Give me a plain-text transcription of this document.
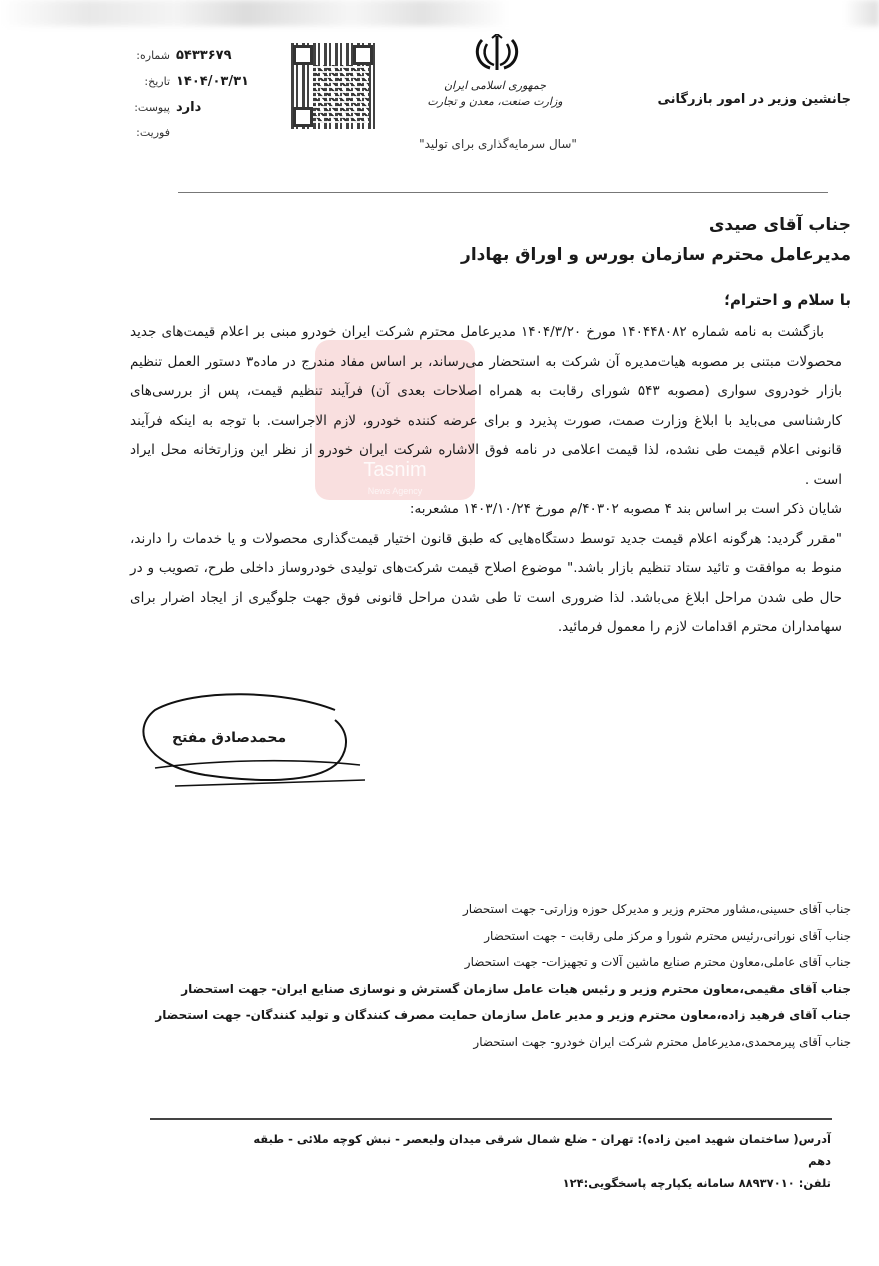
شماره: ۵۴۳۳۶۷۹
تاریخ: ۱۴۰۴/۰۳/۳۱
پیوست: دارد
فوریت:
جمهوری اسلامی ایران
وزارت صنعت، معدن و تجارت
"سال سرمایه‌گذاری برای تولید"
جانشین وزیر در امور بازرگانی
جناب آقای صیدی
مدیرعامل محترم سازمان بورس و اوراق بهادار
با سلام و احترام؛
Tasnim
News Agency

بازگشت به نامه شماره ۱۴۰۴۴۸۰۸۲ مورخ ۱۴۰۴/۳/۲۰ مدیرعامل محترم شرکت ایران خودرو مبنی بر اعلام قیمت‌های جدید محصولات مبتنی بر مصوبه هیات‌مدیره آن شرکت به استحضار می‌رساند، بر اساس مفاد مندرج در ماده۳ دستور العمل تنظیم بازار خودروی سواری (مصوبه ۵۴۳ شورای رقابت به همراه اصلاحات بعدی آن) فرآیند تنظیم قیمت، پس از بررسی‌های کارشناسی می‌باید با ابلاغ وزارت صمت، صورت پذیرد و برای عرضه کننده خودرو، لازم الاجراست. با توجه به اینکه فرآیند قانونی اعلام قیمت طی نشده، لذا قیمت اعلامی در نامه فوق الاشاره شرکت ایران خودرو از نظر این وزارتخانه محل ایراد است .

شایان ذکر است بر اساس بند ۴ مصوبه ۴۰۳۰۲/م مورخ ۱۴۰۳/۱۰/۲۴ مشعربه:

"مقرر گردید: هرگونه اعلام قیمت جدید توسط دستگاه‌هایی که طبق قانون اختیار قیمت‌گذاری محصولات و یا خدمات را دارند، منوط به موافقت و تائید ستاد تنظیم بازار باشد." موضوع اصلاح قیمت شرکت‌های تولیدی خودروساز داخلی طرح، تصویب و در حال طی شدن مراحل ابلاغ می‌باشد. لذا ضروری است تا طی شدن مراحل قانونی فوق جهت جلوگیری از ایجاد اضرار برای سهامداران محترم اقدامات لازم را معمول فرمائید.

محمدصادق مفتح
جناب آقای حسینی،مشاور محترم وزیر و مدیرکل حوزه وزارتی- جهت استحضار
جناب آقای نورانی،رئیس محترم شورا و مرکز ملی رقابت - جهت استحضار
جناب آقای عاملی،معاون محترم صنایع ماشین آلات و تجهیزات- جهت استحضار
جناب آقای مقیمی،معاون محترم وزیر و رئیس هیات عامل سازمان گسترش و نوسازی صنایع ایران- جهت استحضار
جناب آقای فرهید زاده،معاون محترم وزیر و مدیر عامل سازمان حمایت مصرف کنندگان و تولید کنندگان- جهت استحضار
جناب آقای پیرمحمدی،مدیرعامل محترم شرکت ایران خودرو- جهت استحضار
آدرس( ساختمان شهید امین زاده): تهران - ضلع شمال شرقی میدان ولیعصر - نبش کوچه ملائی - طبقه دهم
تلفن: ۸۸۹۳۷۰۱۰ سامانه یکپارچه پاسخگویی:۱۲۴
